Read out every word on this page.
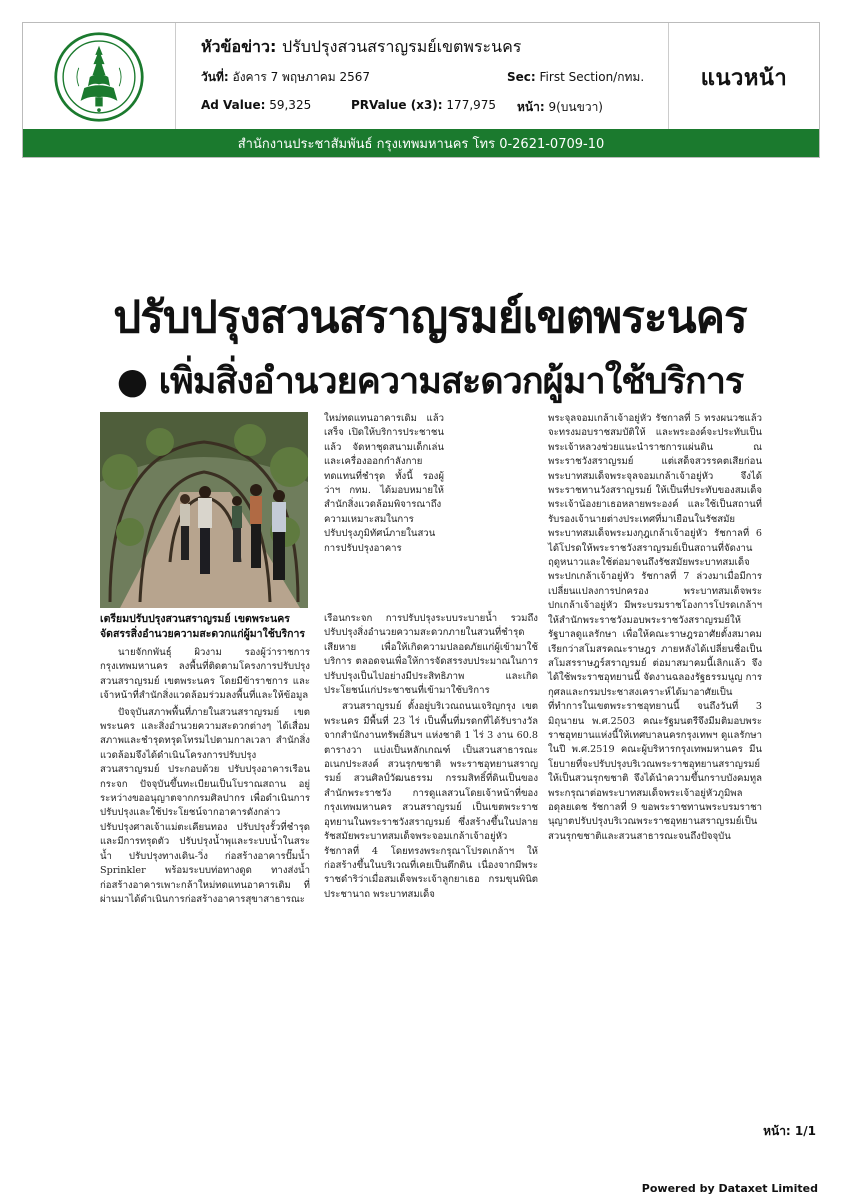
หัวข้อข่าว: ปรับปรุงสวนสราญรมย์เขตพระนคร
วันที่: อังคาร 7 พฤษภาคม 2567	Sec: First Section/กทม.
Ad Value: 59,325	PRValue (x3): 177,975 หน้า: 9(บนขวา)
แนวหน้า
สำนักงานประชาสัมพันธ์ กรุงเทพมหานคร โทร 0-2621-0709-10
ปรับปรุงสวนสราญรมย์เขตพระนคร
● เพิ่มสิ่งอำนวยความสะดวกผู้มาใช้บริการ
เตรียมปรับปรุงสวนสราญรมย์ เขตพระนคร จัดสรรสิ่งอำนวยความสะดวกแก่ผู้มาใช้บริการ

นายจักกพันธุ์ ผิวงาม รองผู้ว่าราชการกรุงเทพมหานคร ลงพื้นที่ติดตามโครงการปรับปรุงสวนสราญรมย์ เขตพระนคร โดยมีข้าราชการ และเจ้าหน้าที่สำนักสิ่งแวดล้อมร่วมลงพื้นที่และให้ข้อมูล

ปัจจุบันสภาพพื้นที่ภายในสวนสราญรมย์ เขตพระนคร และสิ่งอำนวยความสะดวกต่างๆ ได้เสื่อมสภาพและชำรุดทรุดโทรมไปตามกาลเวลา สำนักสิ่งแวดล้อมจึงได้ดำเนินโครงการปรับปรุงสวนสราญรมย์ ประกอบด้วย ปรับปรุงอาคารเรือนกระจก ปัจจุบันขึ้นทะเบียนเป็นโบราณสถาน อยู่ระหว่างขออนุญาตจากกรมศิลปากร เพื่อดำเนินการปรับปรุงและใช้ประโยชน์จากอาคารดังกล่าว ปรับปรุงศาลเจ้าแม่ตะเคียนทอง ปรับปรุงรั้วที่ชำรุดและมีการทรุดตัว ปรับปรุงน้ำพุและระบบน้ำในสระน้ำ ปรับปรุงทางเดิน-วิ่ง ก่อสร้างอาคารปั๊มน้ำ Sprinkler พร้อมระบบท่อทางดูด ทางส่งน้ำ ก่อสร้างอาคารเพาะกล้าใหม่ทดแทนอาคารเดิม ที่ผ่านมาได้ดำเนินการก่อสร้างอาคารสุขาสาธารณะ

ใหม่ทดแทนอาคารเดิม แล้วเสร็จ เปิดให้บริการประชาชนแล้ว จัดหาชุดสนามเด็กเล่น และเครื่องออกกำลังกายทดแทนที่ชำรุด ทั้งนี้ รองผู้ว่าฯ กทม. ได้มอบหมายให้สำนักสิ่งแวดล้อมพิจารณาถึงความเหมาะสมในการปรับปรุงภูมิทัศน์ภายในสวน การปรับปรุงอาคาร

เรือนกระจก การปรับปรุงระบบระบายน้ำ รวมถึงปรับปรุงสิ่งอำนวยความสะดวกภายในสวนที่ชำรุดเสียหาย เพื่อให้เกิดความปลอดภัยแก่ผู้เข้ามาใช้บริการ ตลอดจนเพื่อให้การจัดสรรงบประมาณในการปรับปรุงเป็นไปอย่างมีประสิทธิภาพ และเกิดประโยชน์แก่ประชาชนที่เข้ามาใช้บริการ

สวนสราญรมย์ ตั้งอยู่บริเวณถนนเจริญกรุง เขตพระนคร มีพื้นที่ 23 ไร่ เป็นพื้นที่มรดกที่ได้รับรางวัลจากสำนักงานทรัพย์สินฯ แห่งชาติ 1 ไร่ 3 งาน 60.8 ตารางวา แบ่งเป็นหลักเกณฑ์ เป็นสวนสาธารณะอเนกประสงค์ สวนรุกขชาติ พระราชอุทยานสราญรมย์ สวนศิลป์วัฒนธรรม กรรมสิทธิ์ที่ดินเป็นของสำนักพระราชวัง การดูแลสวนโดยเจ้าหน้าที่ของกรุงเทพมหานคร สวนสราญรมย์ เป็นเขตพระราชอุทยานในพระราชวังสราญรมย์ ซึ่งสร้างขึ้นในปลายรัชสมัยพระบาทสมเด็จพระจอมเกล้าเจ้าอยู่หัว รัชกาลที่ 4 โดยทรงพระกรุณาโปรดเกล้าฯ ให้ก่อสร้างขึ้นในบริเวณที่เคยเป็นตึกดิน เนื่องจากมีพระราชดำริว่าเมื่อสมเด็จพระเจ้าลูกยาเธอ กรมขุนพินิตประชานาถ พระบาทสมเด็จ

พระจุลจอมเกล้าเจ้าอยู่หัว รัชกาลที่ 5 ทรงผนวชแล้วจะทรงมอบราชสมบัติให้ และพระองค์จะประทับเป็นพระเจ้าหลวงช่วยแนะนำราชการแผ่นดิน ณ พระราชวังสราญรมย์ แต่เสด็จสวรรคตเสียก่อน พระบาทสมเด็จพระจุลจอมเกล้าเจ้าอยู่หัว จึงได้พระราชทานวังสราญรมย์ ให้เป็นที่ประทับของสมเด็จพระเจ้าน้องยาเธอหลายพระองค์ และใช้เป็นสถานที่รับรองเจ้านายต่างประเทศที่มาเยือนในรัชสมัยพระบาทสมเด็จพระมงกุฎเกล้าเจ้าอยู่หัว รัชกาลที่ 6 ได้โปรดให้พระราชวังสราญรมย์เป็นสถานที่จัดงานฤดูหนาวและใช้ต่อมาจนถึงรัชสมัยพระบาทสมเด็จพระปกเกล้าเจ้าอยู่หัว รัชกาลที่ 7 ล่วงมาเมื่อมีการเปลี่ยนแปลงการปกครอง พระบาทสมเด็จพระปกเกล้าเจ้าอยู่หัว มีพระบรมราชโองการโปรดเกล้าฯ ให้สำนักพระราชวังมอบพระราชวังสราญรมย์ให้รัฐบาลดูแลรักษา เพื่อให้คณะราษฎรอาศัยตั้งสมาคมเรียกว่าสโมสรคณะราษฎร ภายหลังได้เปลี่ยนชื่อเป็นสโมสรราษฎร์สราญรมย์ ต่อมาสมาคมนี้เลิกแล้ว จึงได้ใช้พระราชอุทยานนี้ จัดงานฉลองรัฐธรรมนูญ การกุศลและกรมประชาสงเคราะห์ได้มาอาศัยเป็นที่ทำการในเขตพระราชอุทยานนี้ จนถึงวันที่ 3 มิถุนายน พ.ศ.2503 คณะรัฐมนตรีจึงมีมติมอบพระราชอุทยานแห่งนี้ให้เทศบาลนครกรุงเทพฯ ดูแลรักษา ในปี พ.ศ.2519 คณะผู้บริหารกรุงเทพมหานคร มีนโยบายที่จะปรับปรุงบริเวณพระราชอุทยานสราญรมย์ให้เป็นสวนรุกขชาติ จึงได้นำความขึ้นกราบบังคมทูลพระกรุณาต่อพระบาทสมเด็จพระเจ้าอยู่หัวภูมิพลอดุลยเดช รัชกาลที่ 9 ขอพระราชทานพระบรมราชานุญาตปรับปรุงบริเวณพระราชอุทยานสราญรมย์เป็นสวนรุกขชาติและสวนสาธารณะจนถึงปัจจุบัน

หน้า: 1/1
Powered by Dataxet Limited
